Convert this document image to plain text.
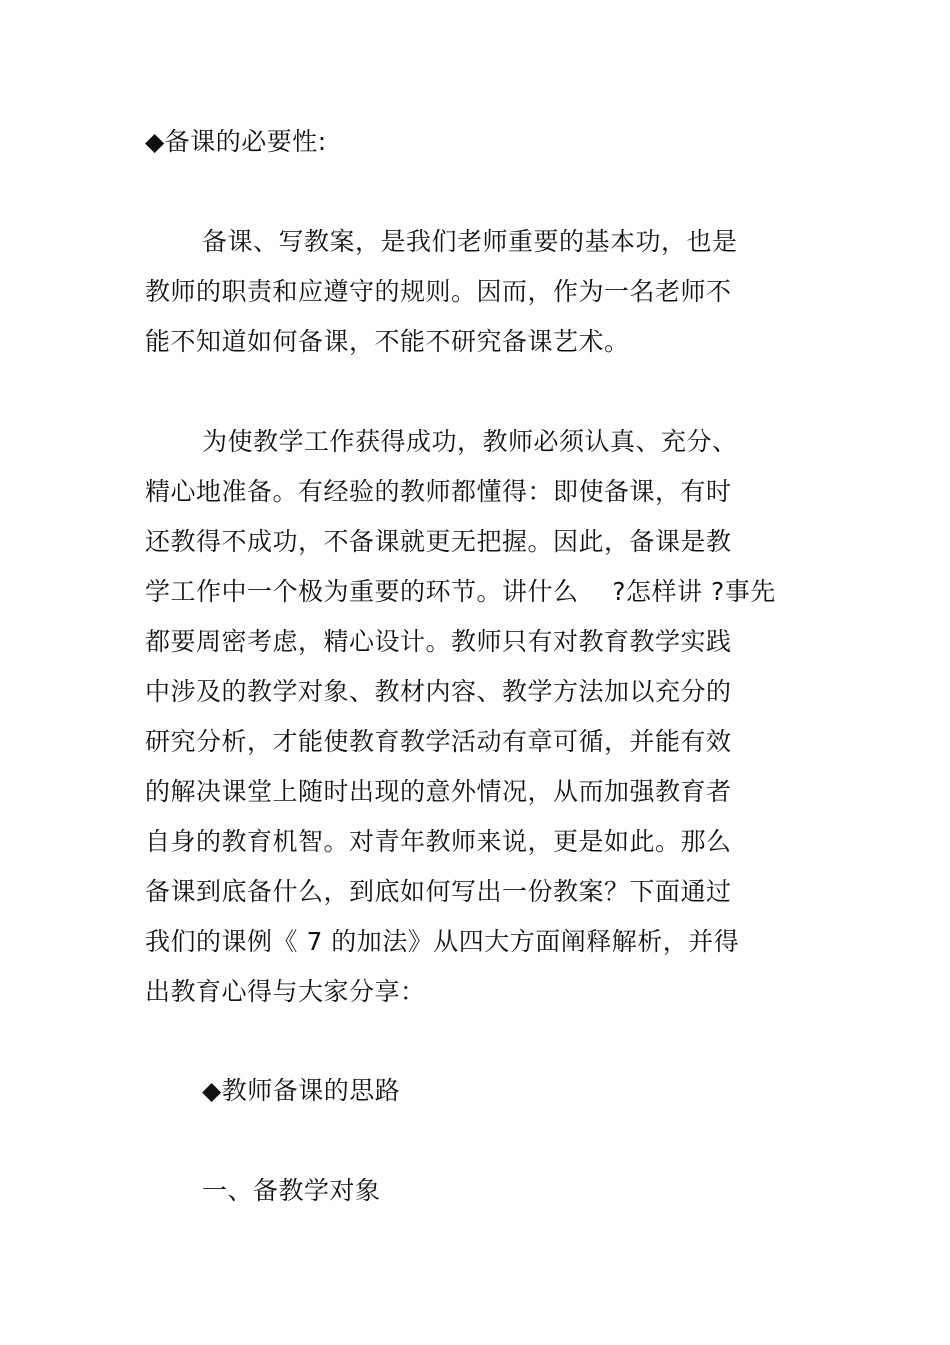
◆备课的必要性:
备课、写教案，是我们老师重要的基本功，也是
教师的职责和应遵守的规则。因而，作为一名老师不
能不知道如何备课，不能不研究备课艺术。
为使教学工作获得成功，教师必须认真、充分、
精心地准备。有经验的教师都懂得：即使备课，有时
还教得不成功，不备课就更无把握。因此，备课是教
学工作中一个极为重要的环节。讲什么    ?怎样讲 ?事先
都要周密考虑，精心设计。教师只有对教育教学实践
中涉及的教学对象、教材内容、教学方法加以充分的
研究分析，才能使教育教学活动有章可循，并能有效
的解决课堂上随时出现的意外情况，从而加强教育者
自身的教育机智。对青年教师来说，更是如此。那么
备课到底备什么，到底如何写出一份教案？下面通过
我们的课例《 7 的加法》从四大方面阐释解析，并得
出教育心得与大家分享：
◆教师备课的思路
一、备教学对象
